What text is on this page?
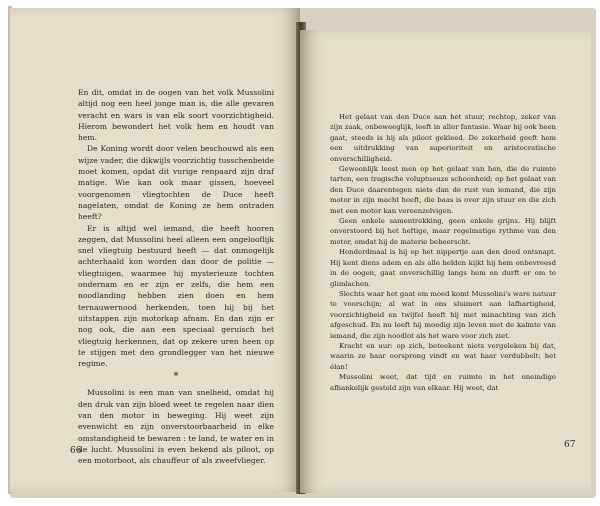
En dit, omdat in de oogen van het volk Mussolini altijd nog een heel jonge man is, die alle gevaren veracht en wars is van elk soort voorzichtigheid. Hierom bewondert het volk hem en houdt van hem.

De Koning wordt door velen beschouwd als een wijze vader, die dikwijls voorzichtig tusschenbeide moet komen, opdat dit vurige renpaard zijn draf matige. Wie kan ook maar gissen, hoeveel voorgenomen vliegtochten de Duce heeft nagelaten, omdat de Koning ze hem ontraden heeft?

Er is altijd wel iemand, die heeft hooren zeggen, dat Mussolini heel alleen een ongelooflijk snel vliegtuig bestuurd heeft — dat onmogelijk achterhaald kon worden dan door de politie — vliegtuigen, waarmee hij mysterieuze tochten ondernam en er zijn er zelfs, die hem een noodlanding hebben zien doen en hem ternauwernood herkenden, toen hij bij het uitstappen zijn motorkap afnam. En dan zijn er nog ook, die aan een speciaal geruisch het vliegtuig herkennen, dat op zekere uren heen op te stijgen met den grondlegger van het nieuwe regime.

*

Mussolini is een man van snelheid, omdat hij den druk van zijn bloed weet te regelen naar dien van den motor in beweging. Hij weet zijn evenwicht en zijn onverstoorbaarheid in elke omstandigheid te bewaren : te land, te water en in de lucht. Mussolini is even bekend als piloot, op een motorboot, als chauffeur of als zweefvlieger.

66

Het gelaat van den Duce aan het stuur, rechtop, zeker van zijn zaak, onbeweeglijk, leeft in aller fantasie. Waar hij ook heen gaat, steeds is hij als piloot gekleed. De zekerheid geeft hem een uitdrukking van superioriteit en aristocratische onverschilligheid.

Gewoonlijk leest men op het gelaat van hen, die de ruimte tarten, een tragische voluptueuze schoonheid; op het gelaat van den Duce daarentegen niets dan de rust van iemand, die zijn motor in zijn macht heeft, die baas is over zijn stuur en die zich met een motor kan vereenzelvigen.

Geen enkele samentrekking, geen enkele grijns. Hij blijft onverstoord bij het heftige, maar regelmatige rythme van den motor, omdat hij de materie beheerscht.

Honderdmaal is hij op het nippertje aan den dood ontsnapt. Hij kent diens adem en als alle helden kijkt hij hem onbevreesd in de oogen, gaat onverschillig langs hem en durft er om te glimlachen.

Slechts waar het gaat om moed komt Mussolini's ware natuur te voorschijn; al wat in ons sluimert aan lafhartigheid, voorzichtigheid en twijfel heeft hij met minachting van zich afgeschud. En nu leeft hij moedig zijn leven met de kalmte van iemand, die zijn noodlot als het ware voor zich ziet.

Kracht en uur: op zich, beteekent niets vergeleken bij dat, waarin ze haar oorsprong vindt en wat haar verdubbelt: het élan!

Mussolini weet, dat tijd en ruimte in het oneindige afhankelijk gesteld zijn van elkaar. Hij weet, dat

67
